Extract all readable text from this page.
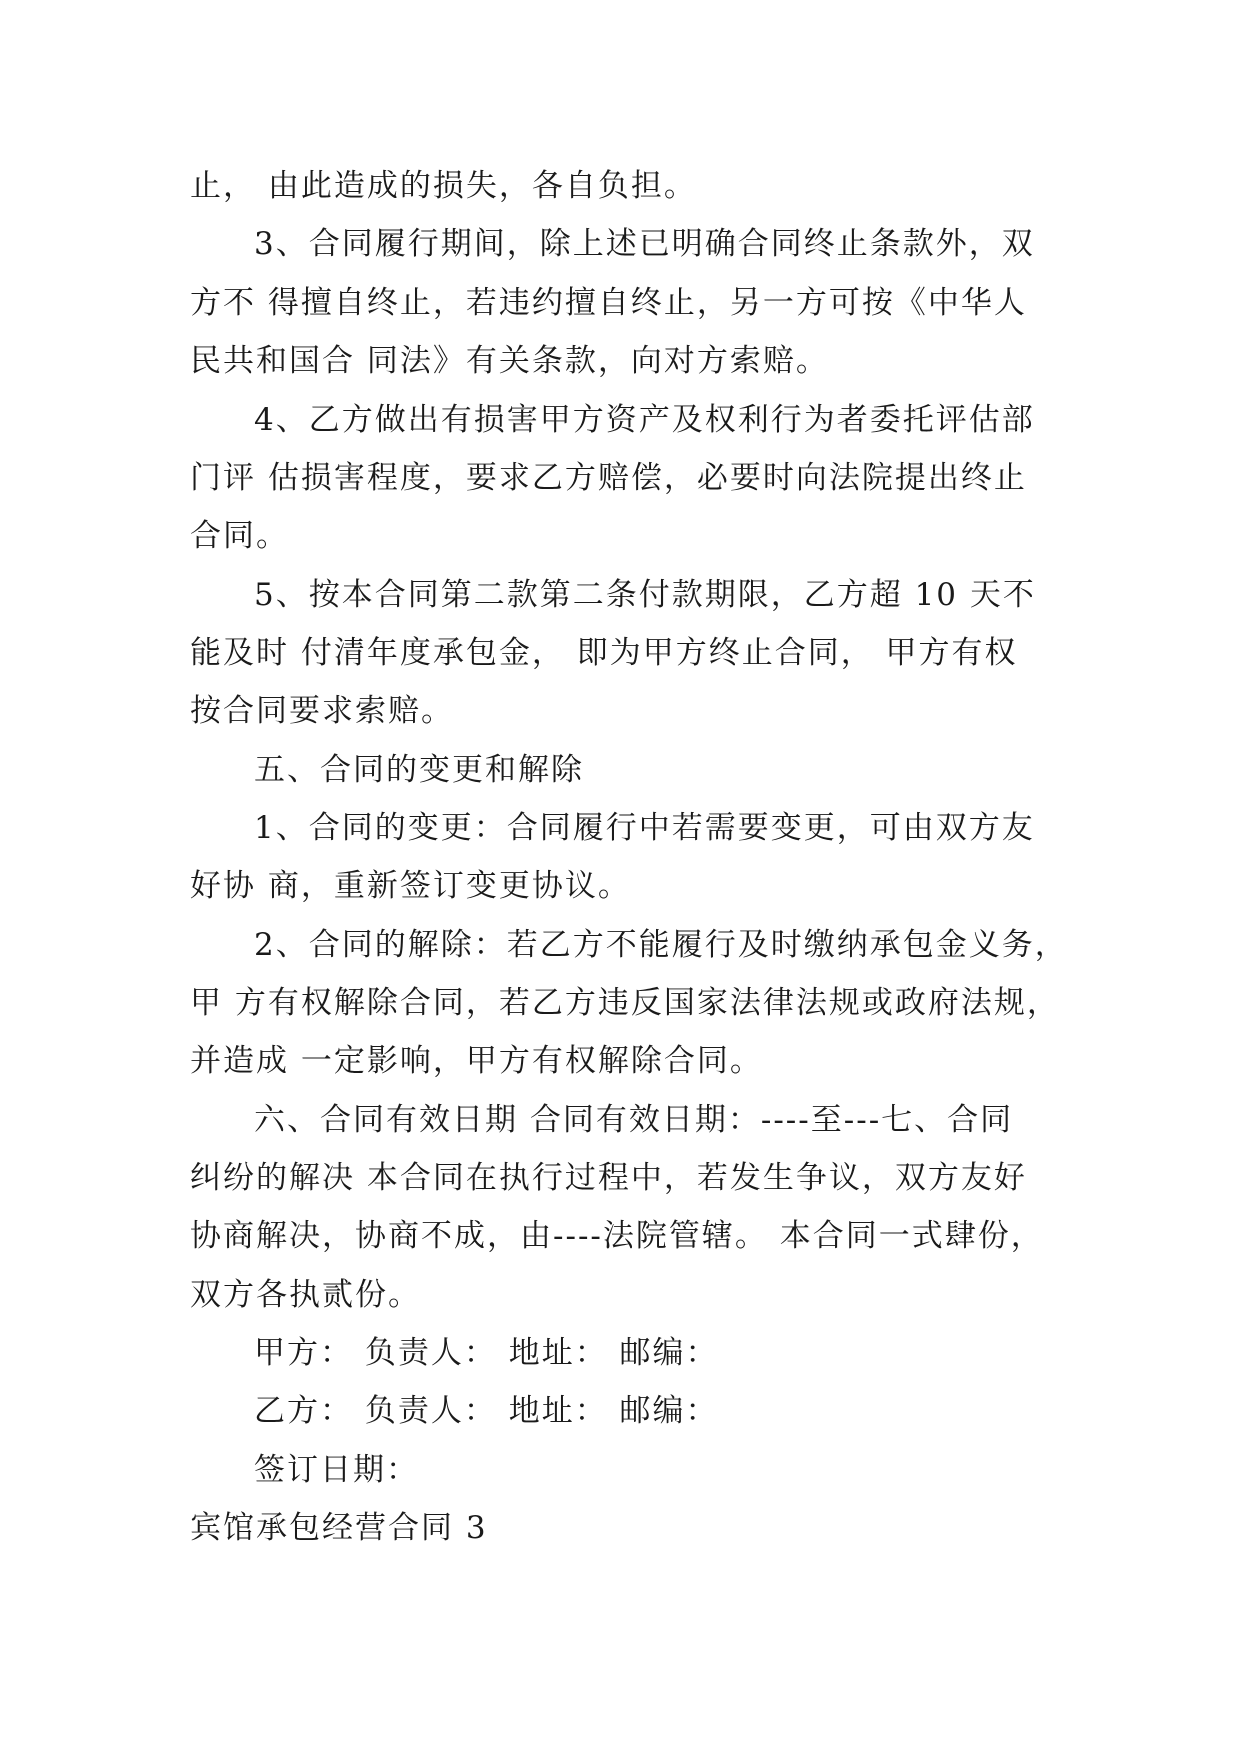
止， 由此造成的损失，各自负担。
3、合同履行期间，除上述已明确合同终止条款外，双
方不 得擅自终止，若违约擅自终止，另一方可按《中华人
民共和国合 同法》有关条款，向对方索赔。
4、乙方做出有损害甲方资产及权利行为者委托评估部
门评 估损害程度，要求乙方赔偿，必要时向法院提出终止
合同。
5、按本合同第二款第二条付款期限，乙方超 10 天不
能及时 付清年度承包金， 即为甲方终止合同， 甲方有权
按合同要求索赔。
五、合同的变更和解除
1、合同的变更：合同履行中若需要变更，可由双方友
好协 商，重新签订变更协议。
2、合同的解除：若乙方不能履行及时缴纳承包金义务，
甲 方有权解除合同，若乙方违反国家法律法规或政府法规，
并造成 一定影响，甲方有权解除合同。
六、合同有效日期 合同有效日期：----至---七、合同
纠纷的解决 本合同在执行过程中，若发生争议，双方友好
协商解决，协商不成，由----法院管辖。 本合同一式肆份，
双方各执贰份。
甲方： 负责人： 地址： 邮编：
乙方： 负责人： 地址： 邮编：
签订日期：
宾馆承包经营合同 3
